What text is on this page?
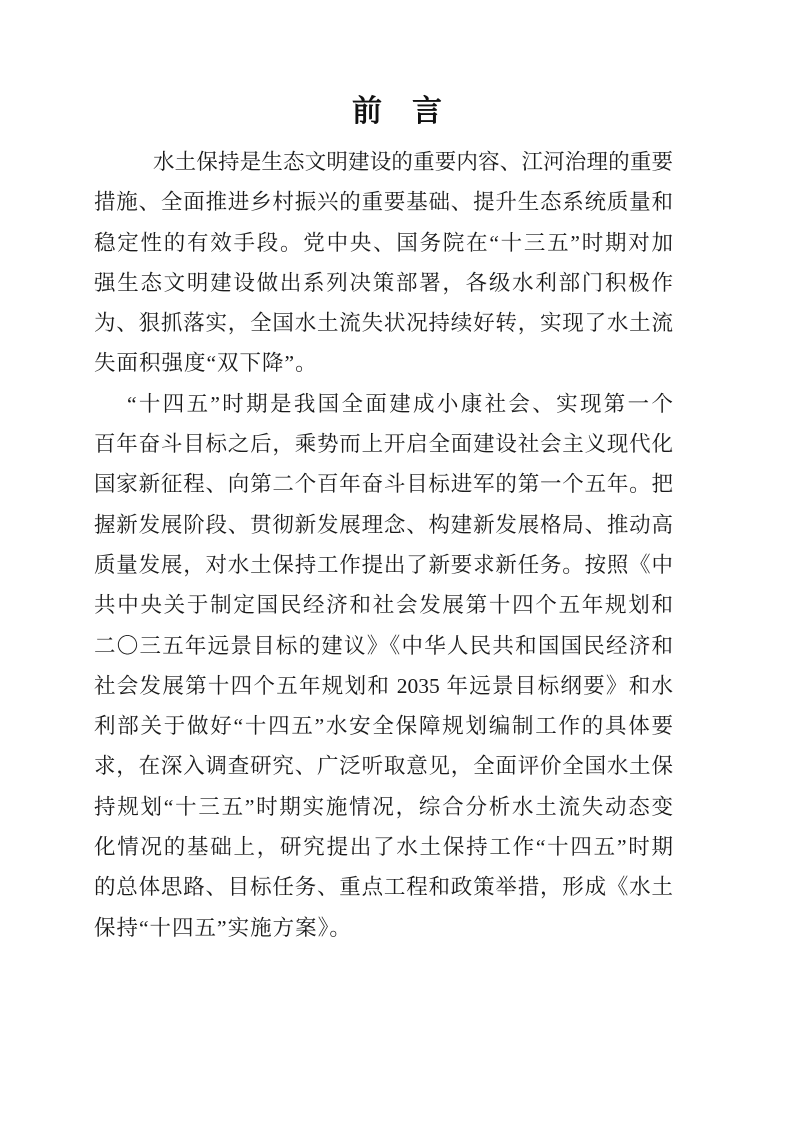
前　言
水土保持是生态文明建设的重要内容、江河治理的重要
措施、全面推进乡村振兴的重要基础、提升生态系统质量和
稳定性的有效手段。党中央、国务院在“十三五”时期对加
强生态文明建设做出系列决策部署，各级水利部门积极作
为、狠抓落实，全国水土流失状况持续好转，实现了水土流
失面积强度“双下降”。
“十四五”时期是我国全面建成小康社会、实现第一个
百年奋斗目标之后，乘势而上开启全面建设社会主义现代化
国家新征程、向第二个百年奋斗目标进军的第一个五年。把
握新发展阶段、贯彻新发展理念、构建新发展格局、推动高
质量发展，对水土保持工作提出了新要求新任务。按照《中
共中央关于制定国民经济和社会发展第十四个五年规划和
二〇三五年远景目标的建议》《中华人民共和国国民经济和
社会发展第十四个五年规划和 2035 年远景目标纲要》和水
利部关于做好“十四五”水安全保障规划编制工作的具体要
求，在深入调查研究、广泛听取意见，全面评价全国水土保
持规划“十三五”时期实施情况，综合分析水土流失动态变
化情况的基础上，研究提出了水土保持工作“十四五”时期
的总体思路、目标任务、重点工程和政策举措，形成《水土
保持“十四五”实施方案》。
